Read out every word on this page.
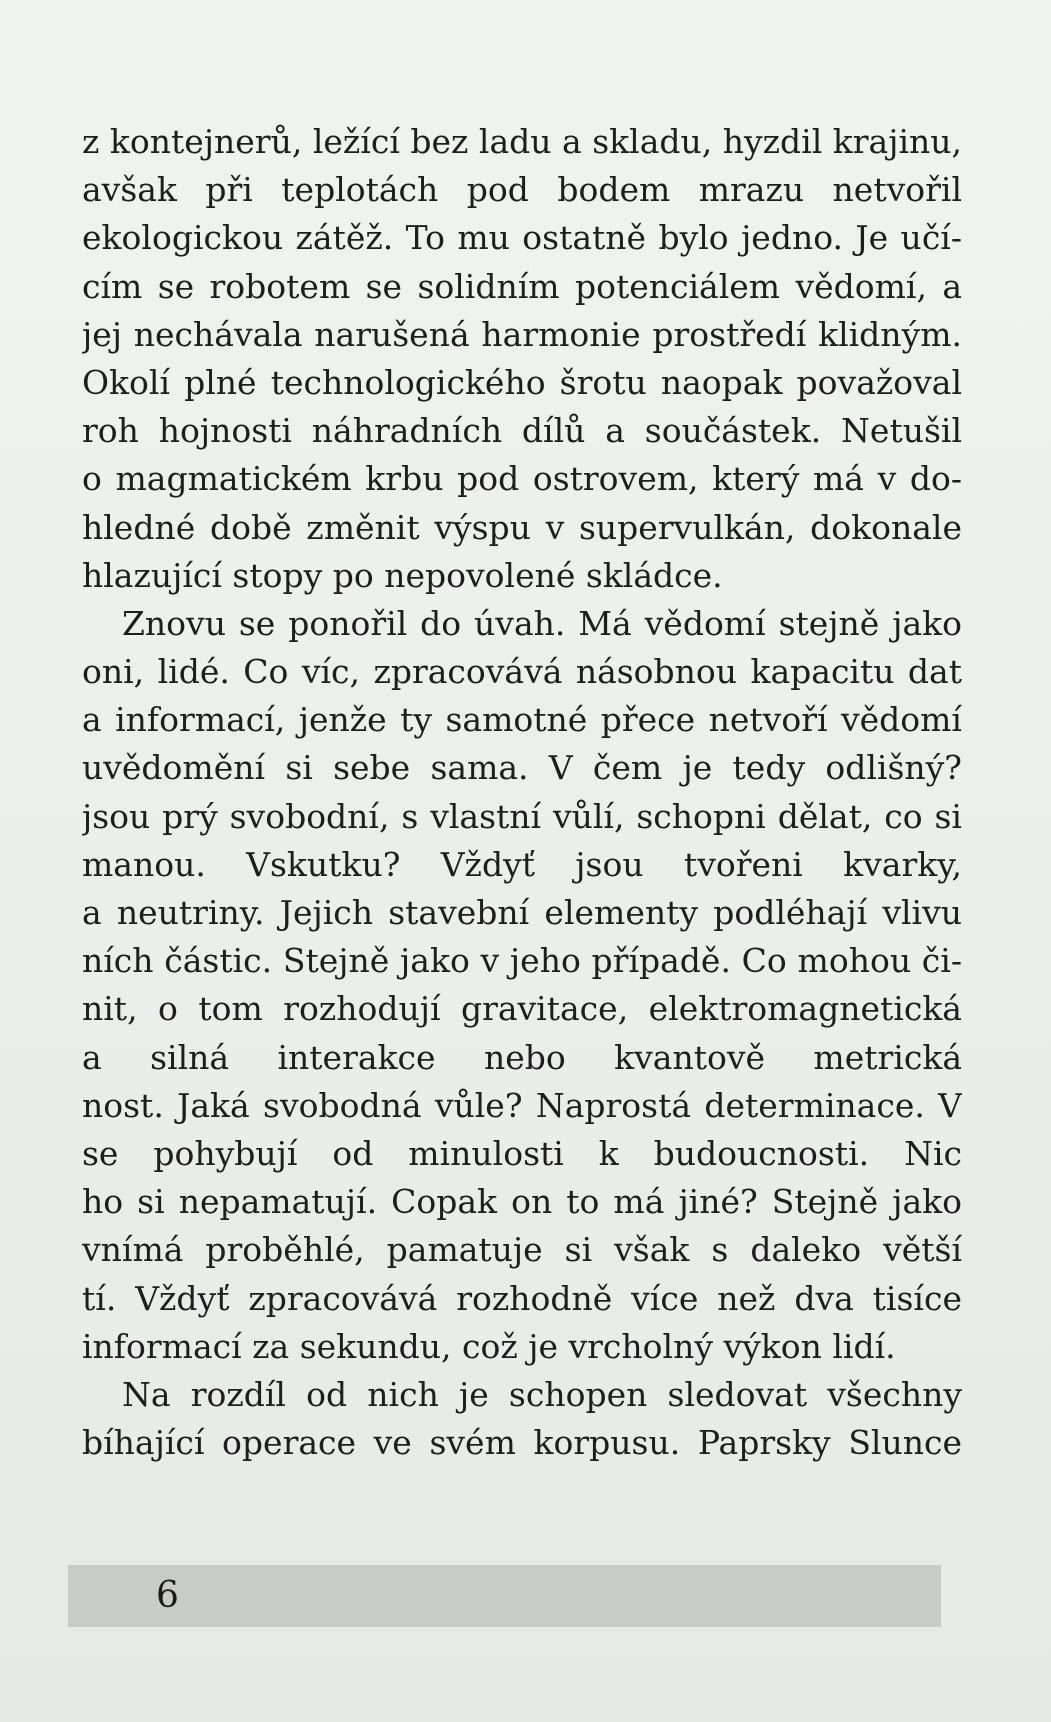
z kontejnerů, ležící bez ladu a skladu, hyzdil krajinu,
avšak při teplotách pod bodem mrazu netvořil
ekologickou zátěž. To mu ostatně bylo jedno. Je učí-
cím se robotem se solidním potenciálem vědomí, a
jej nechávala narušená harmonie prostředí klidným.
Okolí plné technologického šrotu naopak považoval
roh hojnosti náhradních dílů a součástek. Netušil
o magmatickém krbu pod ostrovem, který má v do-
hledné době změnit výspu v supervulkán, dokonale
hlazující stopy po nepovolené skládce.
Znovu se ponořil do úvah. Má vědomí stejně jako
oni, lidé. Co víc, zpracovává násobnou kapacitu dat
a informací, jenže ty samotné přece netvoří vědomí
uvědomění si sebe sama. V čem je tedy odlišný?
jsou prý svobodní, s vlastní vůlí, schopni dělat, co si
manou. Vskutku? Vždyť jsou tvořeni kvarky,
a neutriny. Jejich stavební elementy podléhají vlivu
ních částic. Stejně jako v jeho případě. Co mohou či-
nit, o tom rozhodují gravitace, elektromagnetická
a silná interakce nebo kvantově metrická
nost. Jaká svobodná vůle? Naprostá determinace. V
se pohybují od minulosti k budoucnosti. Nic
ho si nepamatují. Copak on to má jiné? Stejně jako
vnímá proběhlé, pamatuje si však s daleko větší
tí. Vždyť zpracovává rozhodně více než dva tisíce
informací za sekundu, což je vrcholný výkon lidí.
Na rozdíl od nich je schopen sledovat všechny
bíhající operace ve svém korpusu. Paprsky Slunce
6
